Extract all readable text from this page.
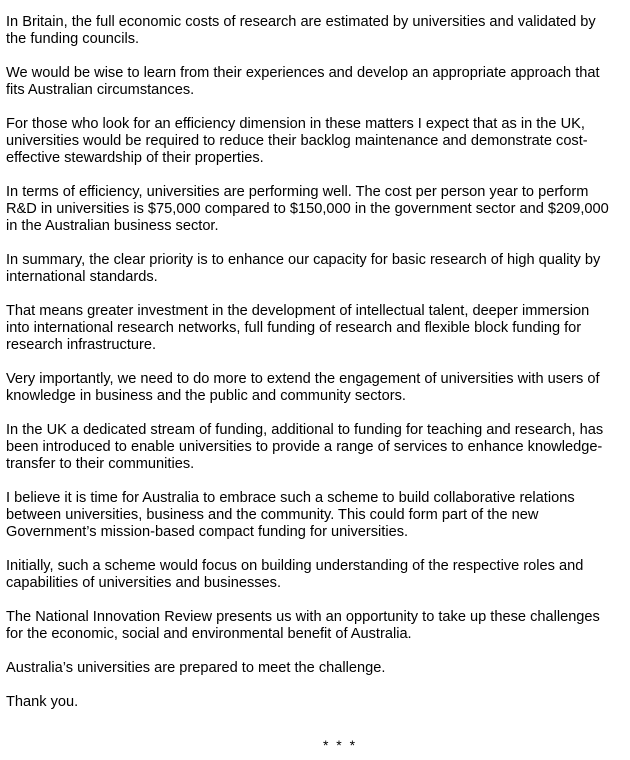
In Britain, the full economic costs of research are estimated by universities and validated by
the funding councils.

We would be wise to learn from their experiences and develop an appropriate approach that
fits Australian circumstances.

For those who look for an efficiency dimension in these matters I expect that as in the UK,
universities would be required to reduce their backlog maintenance and demonstrate cost-
effective stewardship of their properties.

In terms of efficiency, universities are performing well. The cost per person year to perform
R&D in universities is $75,000 compared to $150,000 in the government sector and $209,000
in the Australian business sector.

In summary, the clear priority is to enhance our capacity for basic research of high quality by
international standards.

That means greater investment in the development of intellectual talent, deeper immersion
into international research networks, full funding of research and flexible block funding for
research infrastructure.

Very importantly, we need to do more to extend the engagement of universities with users of
knowledge in business and the public and community sectors.

In the UK a dedicated stream of funding, additional to funding for teaching and research, has
been introduced to enable universities to provide a range of services to enhance knowledge-
transfer to their communities.

I believe it is time for Australia to embrace such a scheme to build collaborative relations
between universities, business and the community. This could form part of the new
Government’s mission-based compact funding for universities.

Initially, such a scheme would focus on building understanding of the respective roles and
capabilities of universities and businesses.

The National Innovation Review presents us with an opportunity to take up these challenges
for the economic, social and environmental benefit of Australia.

Australia’s universities are prepared to meet the challenge.

Thank you.

* * *
